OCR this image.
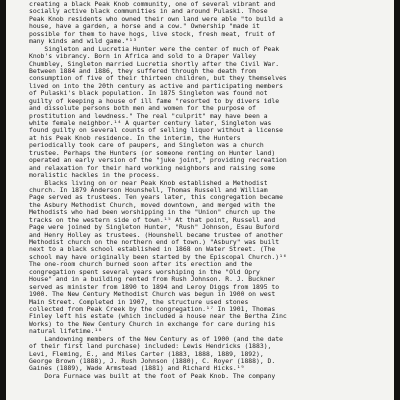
creating a black Peak Knob community, one of several vibrant and
socially active black communities in and around Pulaski. Those
Peak Knob residents who owned their own land were able "to build a
house, have a garden, a horse and a cow." Ownership "made it
possible for them to have hogs, live stock, fresh meat, fruit of
many kinds and wild game."¹³
Singleton and Lucretia Hunter were the center of much of Peak
Knob's vibrancy. Born in Africa and sold to a Draper Valley
Chumbley, Singleton married Lucretia shortly after the Civil War.
Between 1884 and 1886, they suffered through the death from
consumption of five of their thirteen children, but they themselves
lived on into the 20th century as active and participating members
of Pulaski's black population. In 1875 Singleton was found not
guilty of keeping a house of ill fame "resorted to by divers idle
and dissolute persons both men and women for the purpose of
prostitution and lewdness." The real "culprit" may have been a
white female neighbor.¹⁴ A quarter century later, Singleton was
found guilty on several counts of selling liquor without a license
at his Peak Knob residence. In the interim, the Hunters
periodically took care of paupers, and Singleton was a church
trustee. Perhaps the Hunters (or someone renting on Hunter land)
operated an early version of the "juke joint," providing recreation
and relaxation for their hard working neighbors and raising some
moralistic hackles in the process.
Blacks living on or near Peak Knob established a Methodist
church. In 1879 Anderson Hounshell, Thomas Russell and William
Page served as trustees. Ten years later, this congregation became
the Asbury Methodist Church, moved downtown, and merged with the
Methodists who had been worshipping in the "Union" church up the
tracks on the western side of town.¹⁵ At that point, Russell and
Page were joined by Singleton Hunter, "Rush" Johnson, Esau Buford
and Henry Holley as trustees. (Hounshell became trustee of another
Methodist church on the northern end of town.) "Asbury" was built
next to a black school established in 1868 on Water Street. (The
school may have originally been started by the Episcopal Church.)¹⁶
The one-room church burned soon after its erection and the
congregation spent several years worshiping in the "Old Opry
House" and in a building rented from Rush Johnson. R. J. Buckner
served as minister from 1890 to 1894 and Leroy Diggs from 1895 to
1900. The New Century Methodist Church was begun in 1900 on west
Main Street. Completed in 1907, the structure used stones
collected from Peak Creek by the congregation.¹⁷ In 1901, Thomas
Finley left his estate (which included a house near the Bertha Zinc
Works) to the New Century Church in exchange for care during his
natural lifetime.¹⁸
Landowning members of the New Century as of 1900 (and the date
of their first land purchase) included: Lewis Hendricks (1883),
Levi, Fleming, E., and Miles Carter (1883, 1888, 1889, 1892),
George Brown (1888), J. Rush Johnson (1880), C. Royer (1888), D.
Gaines (1889), Wade Armstead (1881) and Richard Hicks.¹⁹
Dora Furnace was built at the foot of Peak Knob. The company
